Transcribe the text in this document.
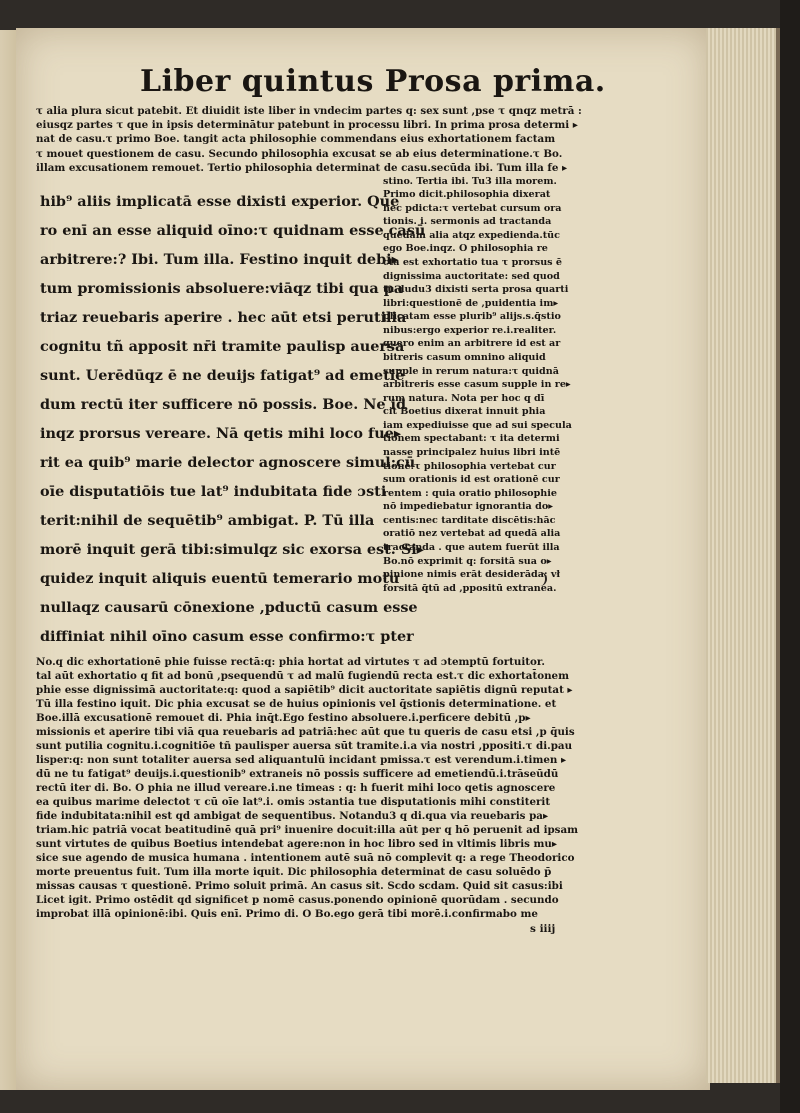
Liber quintus Prosa prima.
τ alia plura sicut patebit. Et diuidit iste liber in vndecim partes q: sex sunt ,pse τ qnqz metrā :
eiusqz partes τ que in ipsis determinātur patebunt in processu libri. In prima prosa determi ▸
nat de casu.τ primo Boe. tangit acta philosophie commendans eius exhortationem factam
τ mouet questionem de casu. Secundo philosophia excusat se ab eius determinatione.τ Bo.
illam excusationem remouet. Tertio philosophia determinat de casu.secūda ibi. Tum illa fe ▸
hib⁹ aliis implicatā esse dixisti experior. Que
ro enī an esse aliquid oīno:τ quidnam esse casū
arbitrere:? Ibi. Tum illa. Festino inquit debi▸
tum promissionis absoluere:viāqz tibi qua pa
triaz reuebaris aperire . hec aūt etsi perutilia
cognitu tñ apposit nr̄i tramite paulisp auersa
sunt. Uerēdūqz ē ne deuijs fatigat⁹ ad emetiē
dum rectū iter sufficere nō possis. Boe. Ne id
inqz prorsus vereare. Nā qetis mihi loco fue▸
rit ea quib⁹ marie delector agnoscere simul:cū
oīe disputatiōis tue lat⁹ indubitata fide ɔsti
terit:nihil de sequētib⁹ ambigat. P. Tū illa
morē inquit gerā tibi:simulqz sic exorsa est. Si▸
quidez inquit aliquis euentū temerario motu
nullaqz causarū cōnexione ,pductū casum esse
diffiniat nihil oīno casum esse confirmo:τ pter
stino. Tertia ibi. Tu3 illa morem.
Primo dicit.philosophia dixerat
hec pdicta:τ vertebat cursum ora
tionis. i. sermonis ad tractanda
quedam alia atqz expedienda.tūc
ego Boe.inqz. O philosophia re
cta est exhortatio tua τ prorsus ē
dignissima auctoritate: sed quod
tu dudu3 dixisti serta prosa quarti
libri:questionē de ,puidentia im▸
plicatam esse plurib⁹ alijs.s.q̄stio
nibus:ergo experior re.i.realiter.
quero enim an arbitrere id est ar
bitreris casum omnino aliquid
supple in rerum natura:τ quidnā
arbitreris esse casum supple in re▸
rum natura. Nota per hoc q dī
cit Boetius dixerat innuit phia
iam expediuisse que ad sui specula
tionem spectabant: τ ita determi
nasse principalez huius libri intē
tionē:τ philosophia vertebat cur
sum orationis id est orationē cur
rentem : quia oratio philosophie
nō impediebatur ignorantia do▸
centis:nec tarditate discētis:hāc
oratiō nez vertebat ad quedā alia
tractanda . que autem fuerūt illa
Bo.nō exprimit q: forsitā sua o▸
pinione nimis erāt desiderāda: vł
forsitā q̄tū ad ,ppositū extranea.
No.q dic exhortationē phie fuisse rectā:q: phia hortat ad virtutes τ ad ɔtemptū fortuitor.
tal aūt exhortatio q fit ad bonū ,psequendū τ ad malū fugiendū recta est.τ dic exhortat̄onem
phie esse dignissimā auctoritate:q: quod a sapiētib⁹ dicit auctoritate sapiētis dignū reputat ▸
Tū illa festino iquit. Dic phia excusat se de huius opinionis vel q̄stionis determinatione. et
Boe.illā excusationē remouet di. Phia inq̄t.Ego festino absoluere.i.perficere debitū ,p▸
missionis et aperire tibi viā qua reuebaris ad patriā:hec aūt que tu queris de casu etsi ,p q̄uis
sunt putilia cognitu.i.cognitiōe tñ paulisper auersa sūt tramite.i.a via nostri ,ppositi.τ di.pau
lisper:q: non sunt totaliter auersa sed aliquantulū incidant pmissa.τ est verendum.i.timen ▸
dū ne tu fatigat⁹ deuijs.i.questionib⁹ extraneis nō possis sufficere ad emetiendū.i.trāseūdū
rectū iter di. Bo. O phia ne illud vereare.i.ne timeas : q: h fuerit mihi loco qetis agnoscere
ea quibus marime delectot τ cū oīe lat⁹.i. omis ɔstantia tue disputationis mihi constiterit
fide indubitata:nihil est qd ambigat de sequentibus. Notandu3 q di.qua via reuebaris pa▸
triam.hic patriā vocat beatitudinē quā pri⁹ inuenire docuit:illa aūt per q hō peruenit ad ipsam
sunt virtutes de quibus Boetius intendebat agere:non in hoc libro sed in vltimis libris mu▸
sice sue agendo de musica humana . intentionem autē suā nō complevit q: a rege Theodorico
morte preuentus fuit. Tum illa morte iquit. Dic philosophia determinat de casu soluēdo p̄
missas causas τ questionē. Primo soluit primā. An casus sit. Scdo scdam. Quid sit casus:ibi
Licet igit. Primo ostēdit qd significet p nomē casus.ponendo opinionē quorūdam . secundo
improbat illā opinionē:ibi. Quis enī. Primo di. O Bo.ego gerā tibi morē.i.confirmabo me
s iiij
